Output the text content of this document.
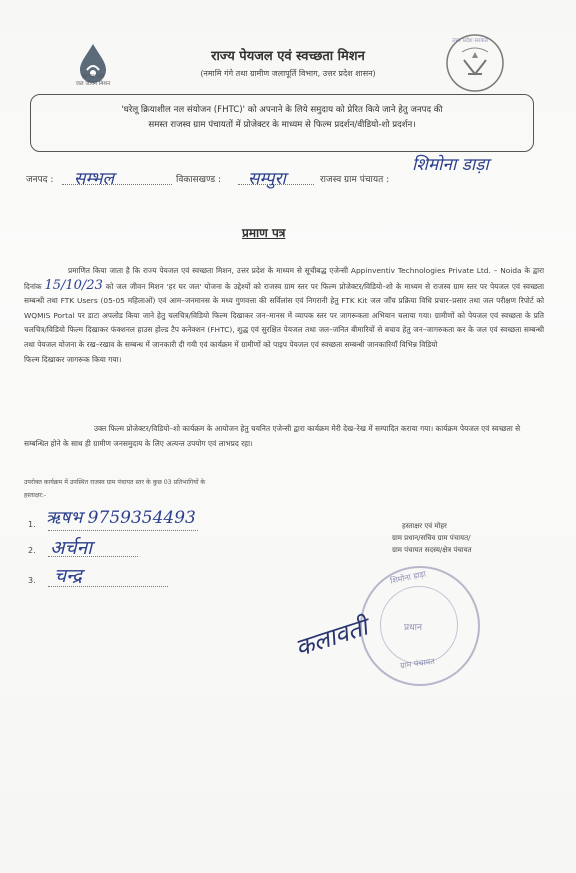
हर घर जल
जल जीवन मिशन
उत्तर प्रदेश सरकार
राज्य पेयजल एवं स्वच्छता मिशन
(नमामि गंगे तथा ग्रामीण जलापूर्ति विभाग, उत्तर प्रदेश शासन)
'घरेलू क्रियाशील नल संयोजन (FHTC)' को अपनाने के लिये समुदाय को प्रेरित किये जाने हेतु जनपद की
समस्त राजस्व ग्राम पंचायतों में प्रोजेक्टर के माध्यम से फिल्म प्रदर्शन/वीडियो-शो प्रदर्शन।
जनपद : सम्भल	विकासखण्ड : सम्पुरा	राजस्व ग्राम पंचायत :
शिमोना डाड़ा
प्रमाण पत्र

प्रमाणित किया जाता है कि राज्य पेयजल एवं स्वच्छता मिशन, उत्तर प्रदेश के माध्यम से सूचीबद्ध एजेन्सी Appinventiv Technologies Private Ltd. – Noida के द्वारा दिनांक 15/10/23 को जल जीवन मिशन 'हर घर जल' योजना के उद्देश्यों को राजस्व ग्राम स्तर पर फिल्म प्रोजेक्टर/विडियो–शो के माध्यम से राजस्व ग्राम स्तर पर पेयजल एवं स्वच्छता सम्बन्धी तथा FTK Users (05-05 महिलाओं) एवं आम–जनमानस के मध्य गुणवत्ता की सर्विलांस एवं निगरानी हेतु FTK Kit जल जाँच प्रक्रिया विधि प्रचार–प्रसार तथा जल परीक्षण रिपोर्ट को WQMIS Portal पर डाटा अपलोड किया जाने हेतु चलचित्र/विडियो फिल्म दिखाकर जन–मानस में व्यापक स्तर पर जागरूकता अभियान चलाया गया। ग्रामीणों को पेयजल एवं स्वच्छता के प्रति चलचित्र/विडियो फिल्म दिखाकर फंक्शनल हाउस होल्ड टैप कनेक्शन (FHTC), शुद्ध एवं सुरक्षित पेयजल तथा जल–जनित बीमारियों से बचाव हेतु जन–जागरुकता कर के जल एवं स्वच्छता सम्बन्धी तथा पेयजल योजना के रख–रखाव के सम्बन्ध में जानकारी दी गयी एवं कार्यक्रम में ग्रामीणों को पाइप पेयजल एवं स्वच्छता सम्बन्धी जानकारियाँ विभिन्न विडियो

फिल्म दिखाकर जागरूक किया गया।

उक्त फिल्म प्रोजेक्टर/विडियो–शो कार्यक्रम के आयोजन हेतु चयनित एजेन्सी द्वारा कार्यक्रम मेरी देख–रेख में सम्पादित कराया गया। कार्यक्रम पेयजल एवं स्वच्छता से सम्बन्धित होने के साथ ही ग्रामीण जनसमुदाय के लिए अत्यन्त उपयोग एवं लाभप्रद रहा।

उपरोक्त कार्यक्रम में उपस्थित राजस्व ग्राम पंचायत स्तर के कुछ 03 प्रतिभागियों के
हस्ताक्षर:-
1. ऋषभ 9759354493
2. अर्चना
3. चन्द्र
हस्ताक्षर एवं मोहर
ग्राम प्रधान/सचिव ग्राम पंचायत/
ग्राम पंचायत सदस्य/क्षेत्र पंचायत
शिमोना डाड़ा
प्रधान
ग्राम पंचायत
कलावती
